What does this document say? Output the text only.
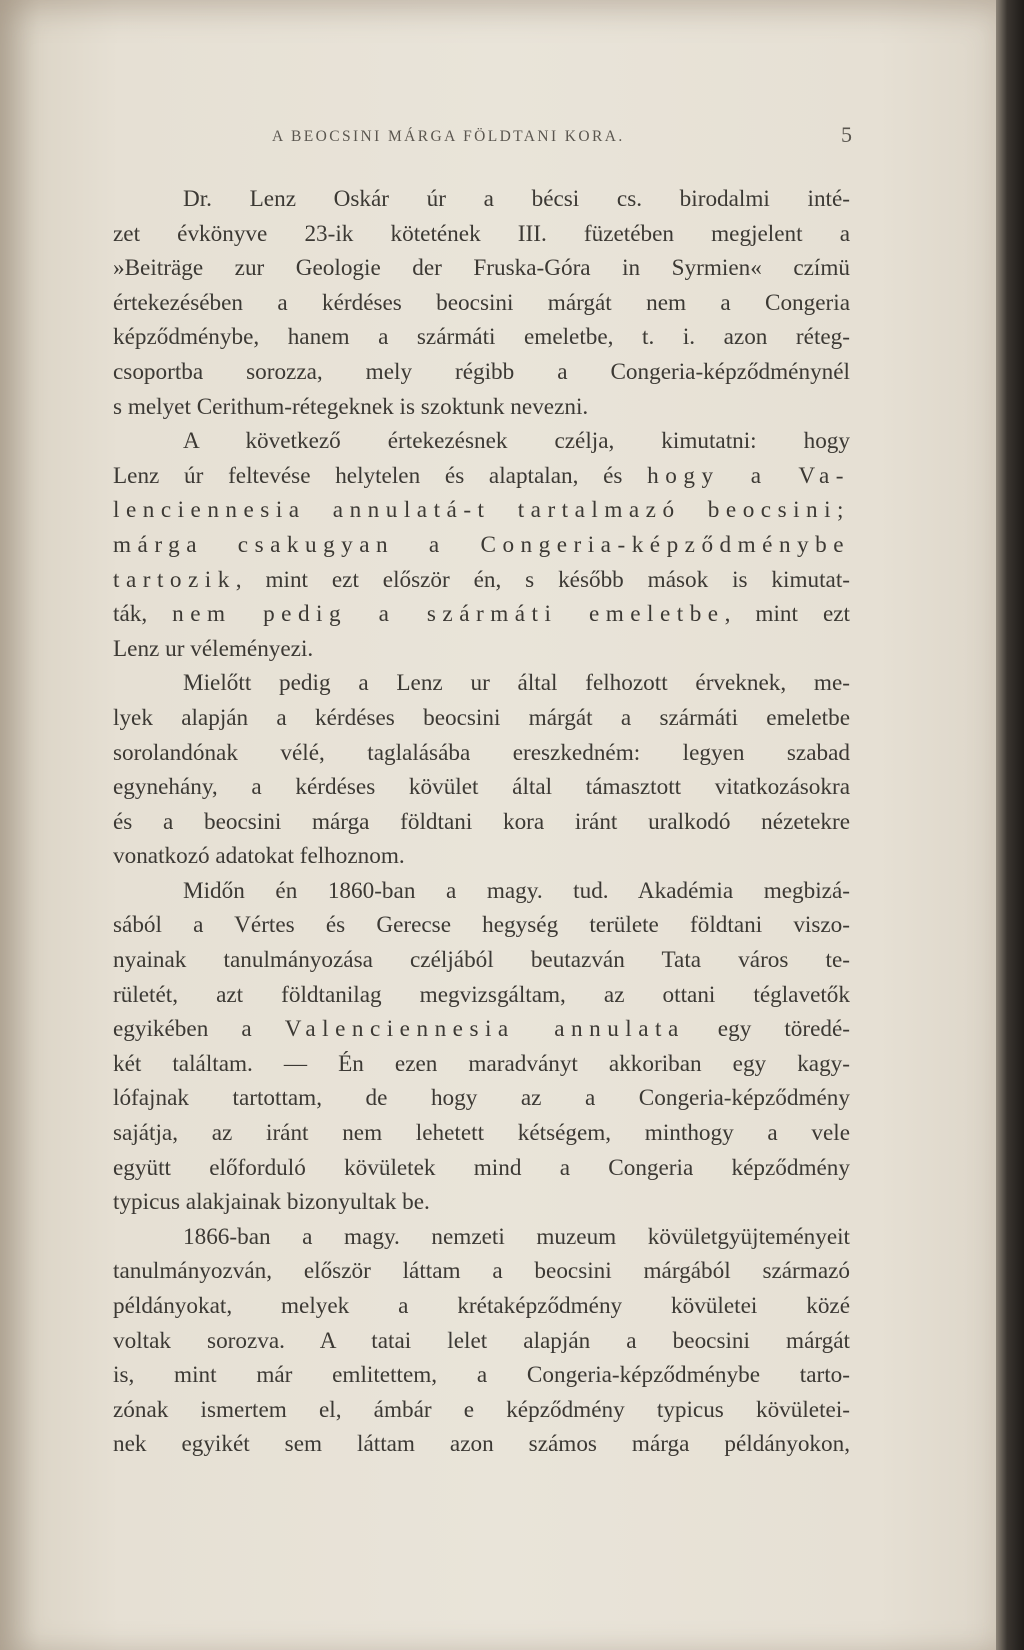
A BEOCSINI MÁRGA FÖLDTANI KORA.	5
Dr. Lenz Oskár úr a bécsi cs. birodalmi inté-
zet évkönyve 23-ik kötetének III. füzetében megjelent a
»Beiträge zur Geologie der Fruska-Góra in Syrmien« czímü
értekezésében a kérdéses beocsini márgát nem a Congeria
képződménybe, hanem a szármáti emeletbe, t. i. azon réteg-
csoportba sorozza, mely régibb a Congeria-képződménynél
s melyet Cerithum-rétegeknek is szoktunk nevezni.
A következő értekezésnek czélja, kimutatni: hogy
Lenz úr feltevése helytelen és alaptalan, és hogy a Va-
lenciennesia annulatá-t tartalmazó beocsini;
márga csakugyan a Congeria-képződménybe
tartozik, mint ezt először én, s később mások is kimutat-
ták, nem pedig a szármáti emeletbe, mint ezt
Lenz ur véleményezi.
Mielőtt pedig a Lenz ur által felhozott érveknek, me-
lyek alapján a kérdéses beocsini márgát a szármáti emeletbe
sorolandónak vélé, taglalásába ereszkedném: legyen szabad
egynehány, a kérdéses kövület által támasztott vitatkozásokra
és a beocsini márga földtani kora iránt uralkodó nézetekre
vonatkozó adatokat felhoznom.
Midőn én 1860-ban a magy. tud. Akadémia megbizá-
sából a Vértes és Gerecse hegység területe földtani viszo-
nyainak tanulmányozása czéljából beutazván Tata város te-
rületét, azt földtanilag megvizsgáltam, az ottani téglavetők
egyikében a Valenciennesia annulata egy töredé-
két találtam. — Én ezen maradványt akkoriban egy kagy-
lófajnak tartottam, de hogy az a Congeria-képződmény
sajátja, az iránt nem lehetett kétségem, minthogy a vele
együtt előforduló kövületek mind a Congeria képződmény
typicus alakjainak bizonyultak be.
1866-ban a magy. nemzeti muzeum kövületgyüjteményeit
tanulmányozván, először láttam a beocsini márgából származó
példányokat, melyek a krétaképződmény kövületei közé
voltak sorozva. A tatai lelet alapján a beocsini márgát
is, mint már emlitettem, a Congeria-képződménybe tarto-
zónak ismertem el, ámbár e képződmény typicus kövületei-
nek egyikét sem láttam azon számos márga példányokon,
